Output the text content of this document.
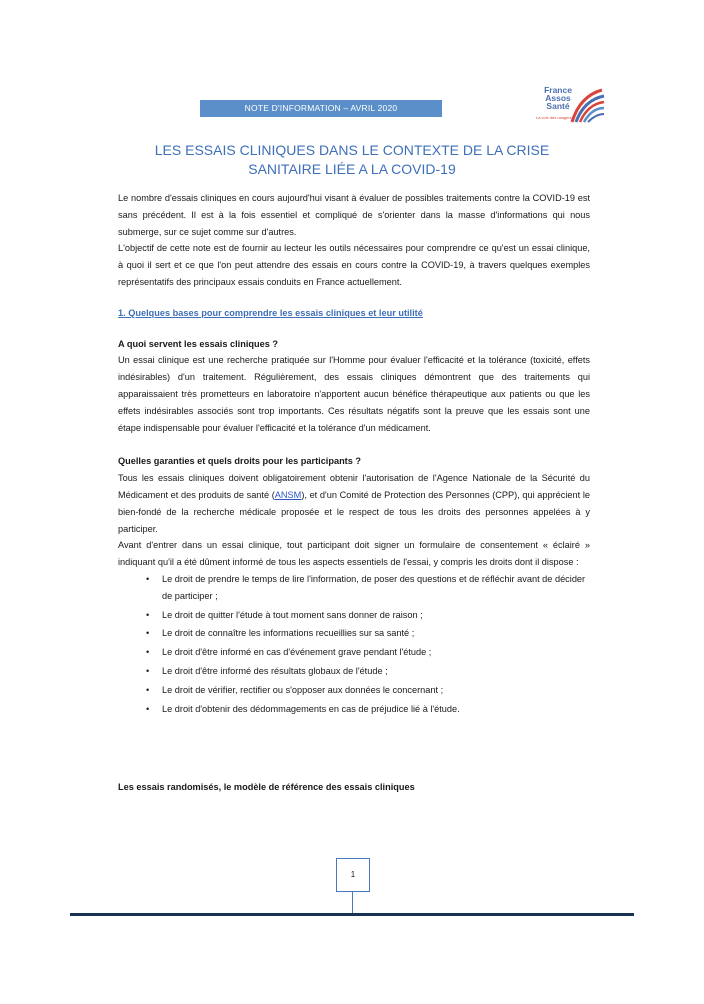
NOTE D'INFORMATION – AVRIL 2020
France
Assos
Santé
La voix des usagers
LES ESSAIS CLINIQUES DANS LE CONTEXTE DE LA CRISE
SANITAIRE LIÉE A LA COVID-19

Le nombre d'essais cliniques en cours aujourd'hui visant à évaluer de possibles traitements contre la COVID-19 est sans précédent. Il est à la fois essentiel et compliqué de s'orienter dans la masse d'informations qui nous submerge, sur ce sujet comme sur d'autres.

L'objectif de cette note est de fournir au lecteur les outils nécessaires pour comprendre ce qu'est un essai clinique, à quoi il sert et ce que l'on peut attendre des essais en cours contre la COVID-19, à travers quelques exemples représentatifs des principaux essais conduits en France actuellement.

1. Quelques bases pour comprendre les essais cliniques et leur utilité

A quoi servent les essais cliniques ?

Un essai clinique est une recherche pratiquée sur l'Homme pour évaluer l'efficacité et la tolérance (toxicité, effets indésirables) d'un traitement. Régulièrement, des essais cliniques démontrent que des traitements qui apparaissaient très prometteurs en laboratoire n'apportent aucun bénéfice thérapeutique aux patients ou que les effets indésirables associés sont trop importants. Ces résultats négatifs sont la preuve que les essais sont une étape indispensable pour évaluer l'efficacité et la tolérance d'un médicament.

Quelles garanties et quels droits pour les participants ?

Tous les essais cliniques doivent obligatoirement obtenir l'autorisation de l'Agence Nationale de la Sécurité du Médicament et des produits de santé (ANSM), et d'un Comité de Protection des Personnes (CPP), qui apprécient le bien-fondé de la recherche médicale proposée et le respect de tous les droits des personnes appelées à y participer.

Avant d'entrer dans un essai clinique, tout participant doit signer un formulaire de consentement « éclairé » indiquant qu'il a été dûment informé de tous les aspects essentiels de l'essai, y compris les droits dont il dispose :

• Le droit de prendre le temps de lire l'information, de poser des questions et de réfléchir avant de décider de participer ;
• Le droit de quitter l'étude à tout moment sans donner de raison ;
• Le droit de connaître les informations recueillies sur sa santé ;
• Le droit d'être informé en cas d'événement grave pendant l'étude ;
• Le droit d'être informé des résultats globaux de l'étude ;
• Le droit de vérifier, rectifier ou s'opposer aux données le concernant ;
• Le droit d'obtenir des dédommagements en cas de préjudice lié à l'étude.

Les essais randomisés, le modèle de référence des essais cliniques

1
